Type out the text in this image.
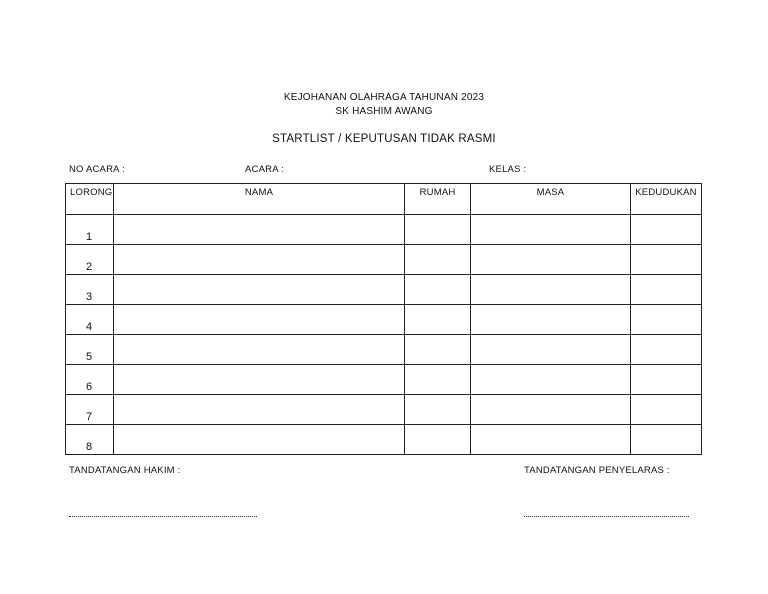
KEJOHANAN OLAHRAGA TAHUNAN 2023
SK HASHIM AWANG
STARTLIST / KEPUTUSAN TIDAK RASMI
NO ACARA :	ACARA :	KELAS :
LORONG	NAMA	RUMAH	MASA	KEDUDUKAN
1				
2				
3				
4				
5				
6				
7				
8				
TANDATANGAN HAKIM :	TANDATANGAN PENYELARAS :
